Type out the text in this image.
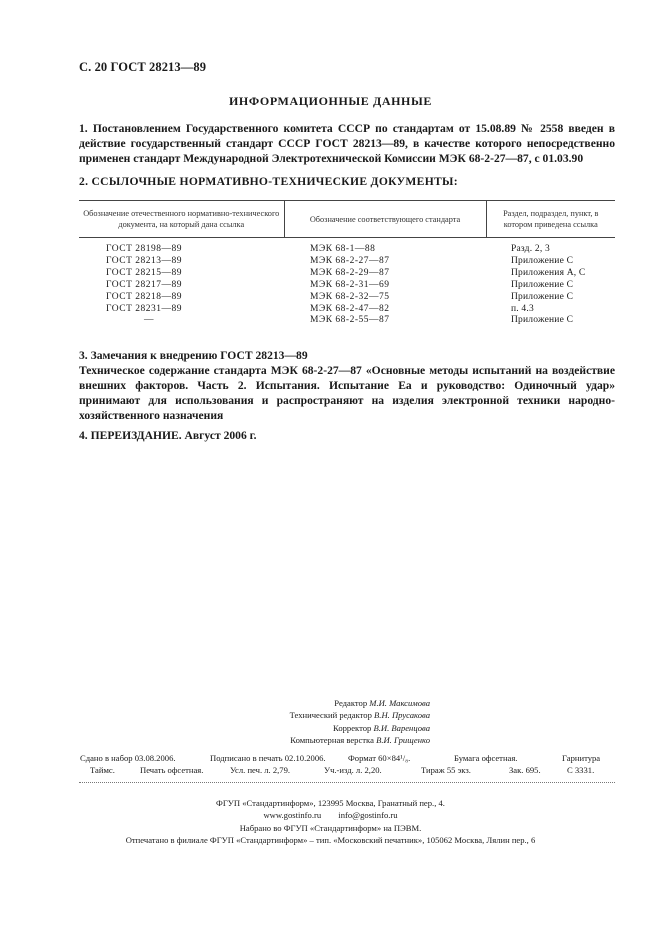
С. 20 ГОСТ 28213—89
ИНФОРМАЦИОННЫЕ ДАННЫЕ
1. Постановлением Государственного комитета СССР по стандартам от 15.08.89 № 2558 введен в действие государственный стандарт СССР ГОСТ 28213—89, в качестве которого непосредственно применен стандарт Международной Электротехнической Комиссии МЭК 68-2-27—87, с 01.03.90
2. ССЫЛОЧНЫЕ НОРМАТИВНО-ТЕХНИЧЕСКИЕ ДОКУМЕНТЫ:
Обозначение отечественного нормативно-технического документа, на который дана ссылка	Обозначение соответствующего стандарта	Раздел, подраздел, пункт, в котором приведена ссылка
ГОСТ 28198—89	МЭК 68-1—88	Разд. 2, 3
ГОСТ 28213—89	МЭК 68-2-27—87	Приложение С
ГОСТ 28215—89	МЭК 68-2-29—87	Приложения А, С
ГОСТ 28217—89	МЭК 68-2-31—69	Приложение С
ГОСТ 28218—89	МЭК 68-2-32—75	Приложение С
ГОСТ 28231—89	МЭК 68-2-47—82	п. 4.3
—	МЭК 68-2-55—87	Приложение С
3. Замечания к внедрению ГОСТ 28213—89
Техническое содержание стандарта МЭК 68-2-27—87 «Основные методы испытаний на воздействие внешних факторов. Часть 2. Испытания. Испытание Еа и руководство: Одиночный удар» принимают для использования и распространяют на изделия электронной техники народно-хозяйственного назначения
4. ПЕРЕИЗДАНИЕ. Август 2006 г.
Редактор М.И. Максимова
Технический редактор В.Н. Прусакова
Корректор В.И. Варенцова
Компьютерная верстка В.И. Грищенко
Сдано в набор 03.08.2006.	Подписано в печать 02.10.2006.	Формат 60×84¹/₈.	Бумага офсетная.	Гарнитура
Таймс.	Печать офсетная.	Усл. печ. л. 2,79.	Уч.-изд. л. 2,20.	Тираж 55 экз.	Зак. 695.	С 3331.
ФГУП «Стандартинформ», 123995 Москва, Гранатный пер., 4.
www.gostinfo.ru        info@gostinfo.ru
Набрано во ФГУП «Стандартинформ» на ПЭВМ.
Отпечатано в филиале ФГУП «Стандартинформ» – тип. «Московский печатник», 105062 Москва, Лялин пер., 6
